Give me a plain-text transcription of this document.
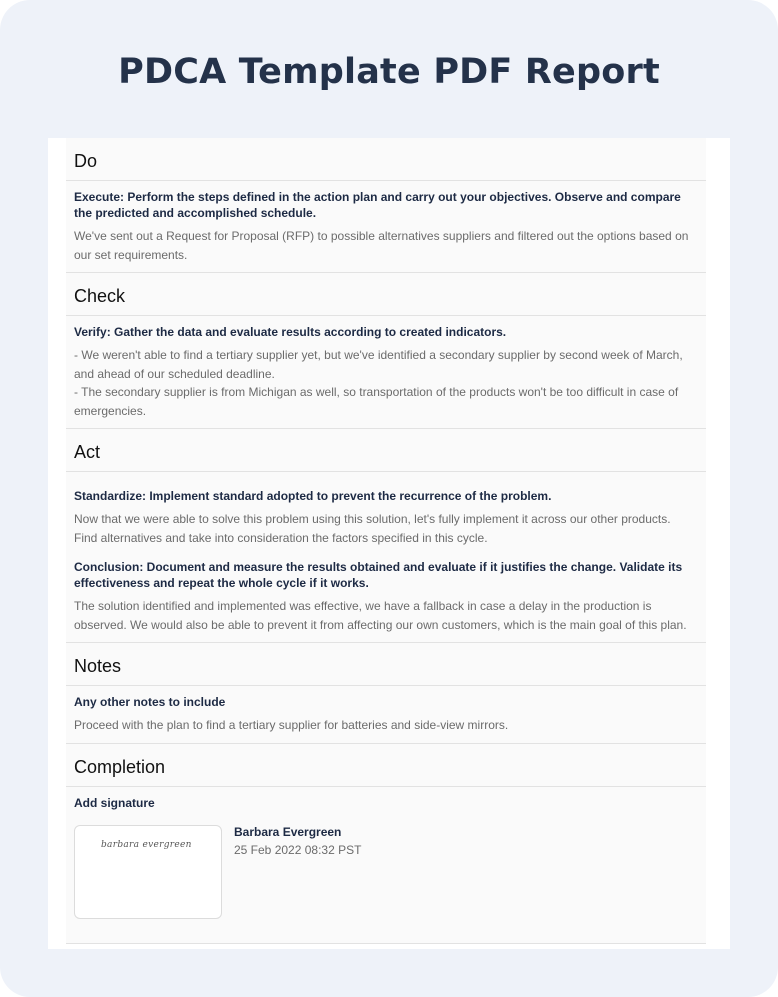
PDCA Template PDF Report
Do
Execute: Perform the steps defined in the action plan and carry out your objectives. Observe and compare the predicted and accomplished schedule.
We've sent out a Request for Proposal (RFP) to possible alternatives suppliers and filtered out the options based on our set requirements.
Check
Verify: Gather the data and evaluate results according to created indicators.
- We weren't able to find a tertiary supplier yet, but we've identified a secondary supplier by second week of March, and ahead of our scheduled deadline.
- The secondary supplier is from Michigan as well, so transportation of the products won't be too difficult in case of emergencies.
Act
Standardize: Implement standard adopted to prevent the recurrence of the problem.
Now that we were able to solve this problem using this solution, let's fully implement it across our other products. Find alternatives and take into consideration the factors specified in this cycle.
Conclusion: Document and measure the results obtained and evaluate if it justifies the change. Validate its effectiveness and repeat the whole cycle if it works.
The solution identified and implemented was effective, we have a fallback in case a delay in the production is observed. We would also be able to prevent it from affecting our own customers, which is the main goal of this plan.
Notes
Any other notes to include
Proceed with the plan to find a tertiary supplier for batteries and side-view mirrors.
Completion
Add signature
barbara evergreen
Barbara Evergreen
25 Feb 2022 08:32 PST
